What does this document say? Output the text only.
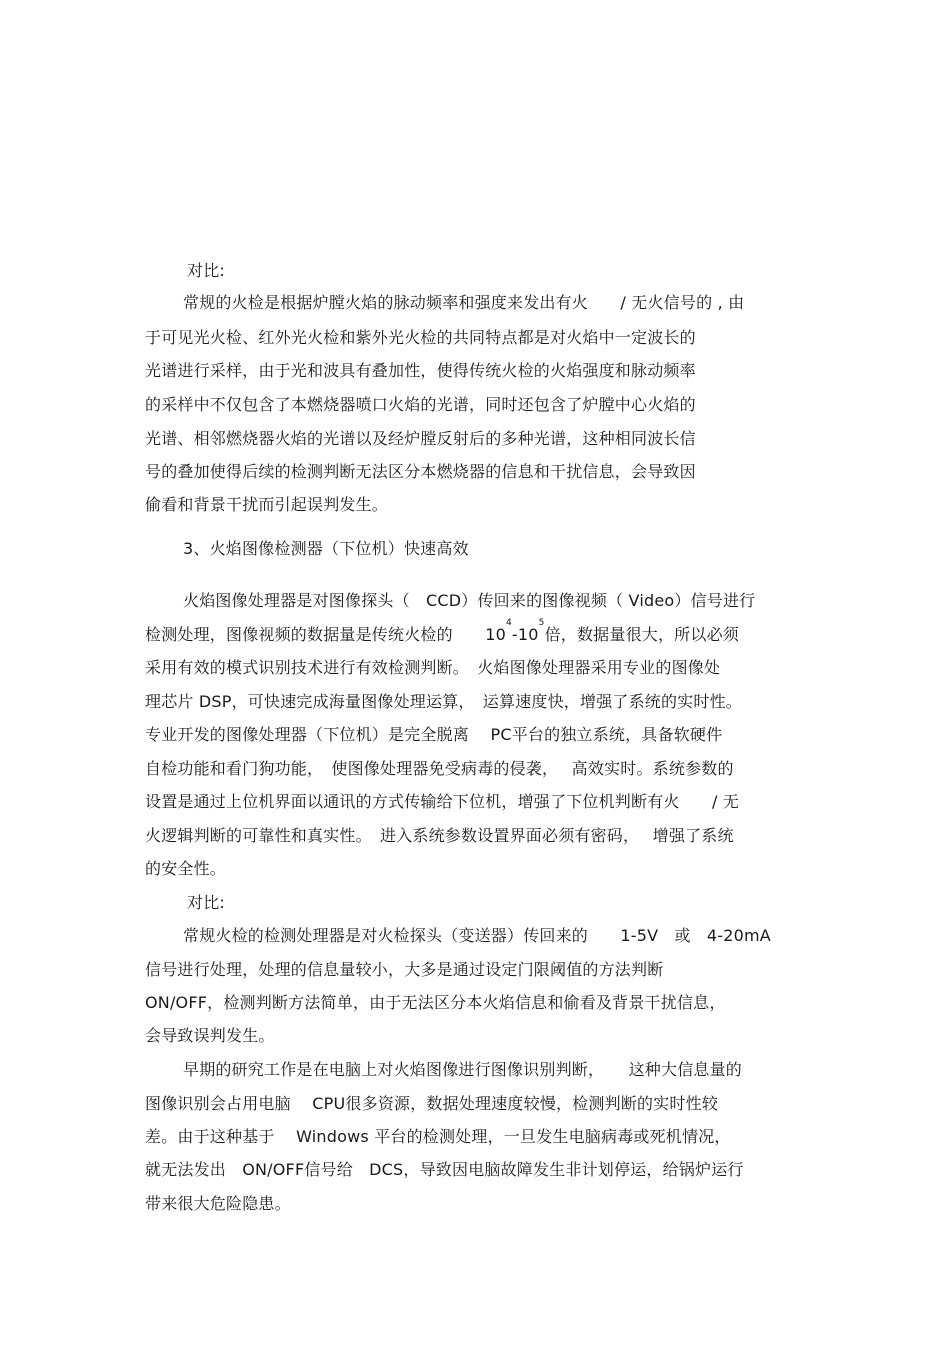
对比:
常规的火检是根据炉膛火焰的脉动频率和强度来发出有火　　/ 无火信号的 , 由
于可见光火检、红外光火检和紫外光火检的共同特点都是对火焰中一定波长的
光谱进行采样，由于光和波具有叠加性，使得传统火检的火焰强度和脉动频率
的采样中不仅包含了本燃烧器喷口火焰的光谱，同时还包含了炉膛中心火焰的
光谱、相邻燃烧器火焰的光谱以及经炉膛反射后的多种光谱，这种相同波长信
号的叠加使得后续的检测判断无法区分本燃烧器的信息和干扰信息，会导致因
偷看和背景干扰而引起误判发生。
3、火焰图像检测器（下位机）快速高效
火焰图像处理器是对图像探头（　CCD）传回来的图像视频（ Video）信号进行
检测处理，图像视频的数据量是传统火检的　　$10^4-10^5$倍，数据量很大，所以必须
采用有效的模式识别技术进行有效检测判断。　火焰图像处理器采用专业的图像处
理芯片 DSP，可快速完成海量图像处理运算，　运算速度快，增强了系统的实时性。
专业开发的图像处理器（下位机）是完全脱离　 PC平台的独立系统，具备软硬件
自检功能和看门狗功能，　使图像处理器免受病毒的侵袭，　 高效实时。系统参数的
设置是通过上位机界面以通讯的方式传输给下位机，增强了下位机判断有火　　/ 无
火逻辑判断的可靠性和真实性。　进入系统参数设置界面必须有密码，　 增强了系统
的安全性。
对比:
常规火检的检测处理器是对火检探头（变送器）传回来的　　1-5V　或　4-20mA
信号进行处理，处理的信息量较小，大多是通过设定门限阈值的方法判断
ON/OFF，检测判断方法简单，由于无法区分本火焰信息和偷看及背景干扰信息，
会导致误判发生。
早期的研究工作是在电脑上对火焰图像进行图像识别判断，　　这种大信息量的
图像识别会占用电脑　 CPU很多资源，数据处理速度较慢，检测判断的实时性较
差。由于这种基于　 Windows 平台的检测处理，一旦发生电脑病毒或死机情况，
就无法发出　ON/OFF信号给　DCS，导致因电脑故障发生非计划停运，给锅炉运行
带来很大危险隐患。
